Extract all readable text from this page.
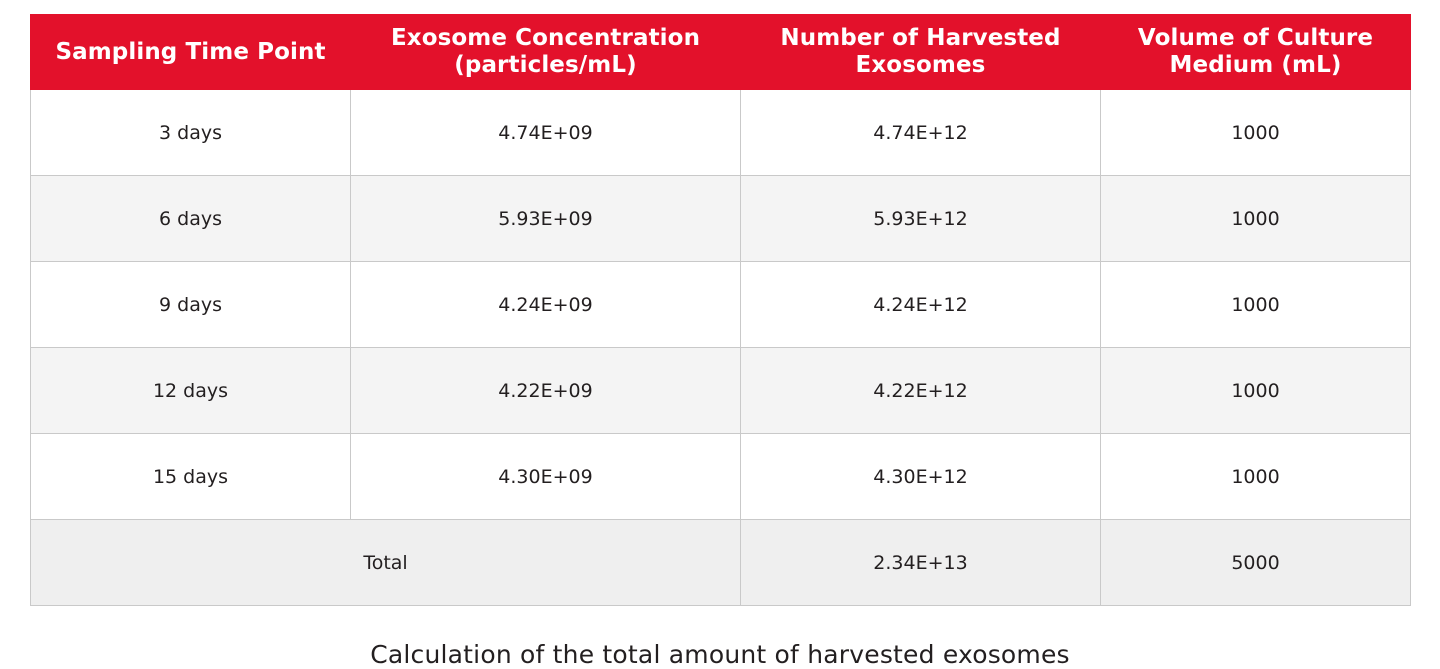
Sampling Time Point	Exosome Concentration (particles/mL)	Number of Harvested Exosomes	Volume of Culture Medium (mL)
3 days	4.74E+09	4.74E+12	1000
6 days	5.93E+09	5.93E+12	1000
9 days	4.24E+09	4.24E+12	1000
12 days	4.22E+09	4.22E+12	1000
15 days	4.30E+09	4.30E+12	1000
Total		2.34E+13	5000
Calculation of the total amount of harvested exosomes
